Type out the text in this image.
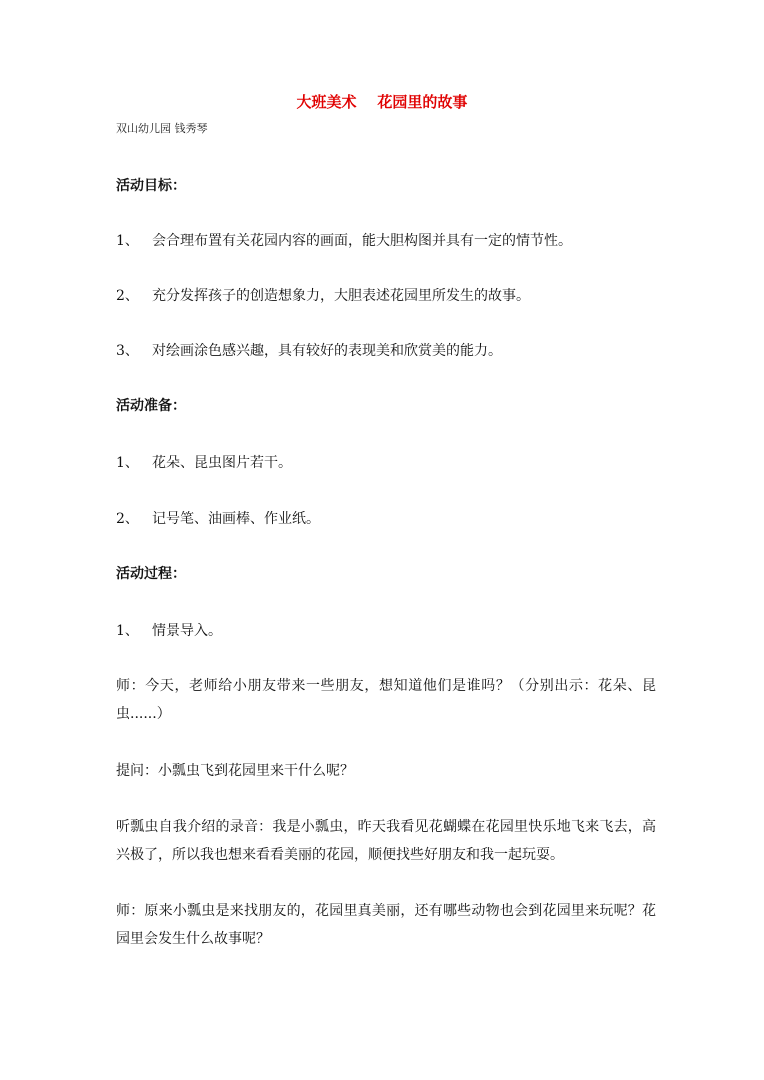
大班美术    花园里的故事
双山幼儿园 钱秀琴
活动目标：
1、 会合理布置有关花园内容的画面，能大胆构图并具有一定的情节性。
2、 充分发挥孩子的创造想象力，大胆表述花园里所发生的故事。
3、 对绘画涂色感兴趣，具有较好的表现美和欣赏美的能力。
活动准备：
1、 花朵、昆虫图片若干。
2、 记号笔、油画棒、作业纸。
活动过程：
1、 情景导入。
师：今天，老师给小朋友带来一些朋友，想知道他们是谁吗？（分别出示：花朵、昆虫......）
提问：小瓢虫飞到花园里来干什么呢？
听瓢虫自我介绍的录音：我是小瓢虫，昨天我看见花蝴蝶在花园里快乐地飞来飞去，高兴极了，所以我也想来看看美丽的花园，顺便找些好朋友和我一起玩耍。
师：原来小瓢虫是来找朋友的，花园里真美丽，还有哪些动物也会到花园里来玩呢？花园里会发生什么故事呢？
